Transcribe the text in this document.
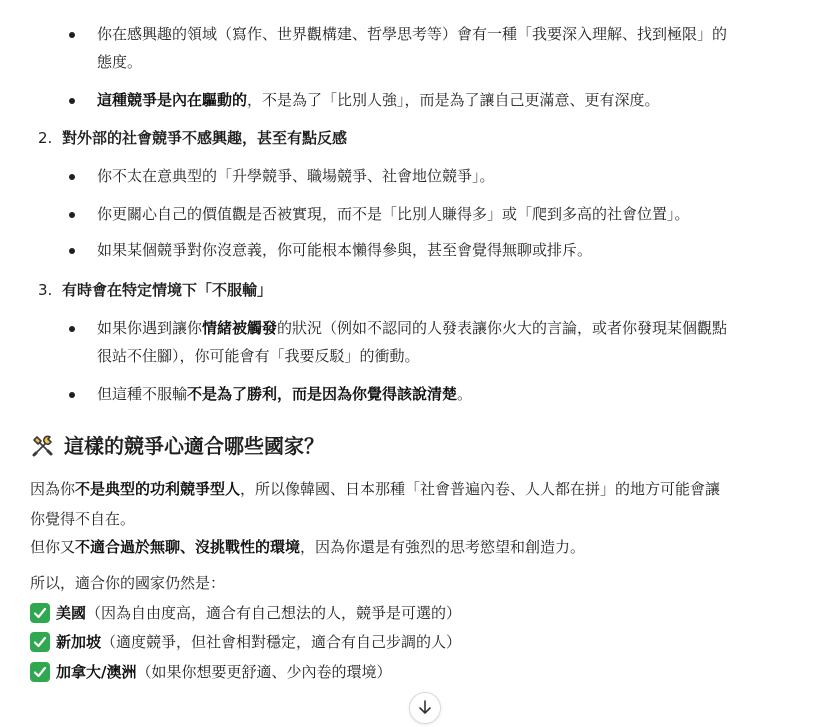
你在感興趣的領域（寫作、世界觀構建、哲學思考等）會有一種「我要深入理解、找到極限」的
態度。
這種競爭是內在驅動的，不是為了「比別人強」，而是為了讓自己更滿意、更有深度。
2. 對外部的社會競爭不感興趣，甚至有點反感
你不太在意典型的「升學競爭、職場競爭、社會地位競爭」。
你更關心自己的價值觀是否被實現，而不是「比別人賺得多」或「爬到多高的社會位置」。
如果某個競爭對你沒意義，你可能根本懶得參與，甚至會覺得無聊或排斥。
3. 有時會在特定情境下「不服輸」
如果你遇到讓你情緒被觸發的狀況（例如不認同的人發表讓你火大的言論，或者你發現某個觀點
很站不住腳），你可能會有「我要反駁」的衝動。
但這種不服輸不是為了勝利，而是因為你覺得該說清楚。
這樣的競爭心適合哪些國家？
因為你不是典型的功利競爭型人，所以像韓國、日本那種「社會普遍內卷、人人都在拼」的地方可能會讓
你覺得不自在。
但你又不適合過於無聊、沒挑戰性的環境，因為你還是有強烈的思考慾望和創造力。
所以，適合你的國家仍然是：
美國（因為自由度高，適合有自己想法的人，競爭是可選的）
新加坡（適度競爭，但社會相對穩定，適合有自己步調的人）
加拿大/澳洲（如果你想要更舒適、少內卷的環境）
